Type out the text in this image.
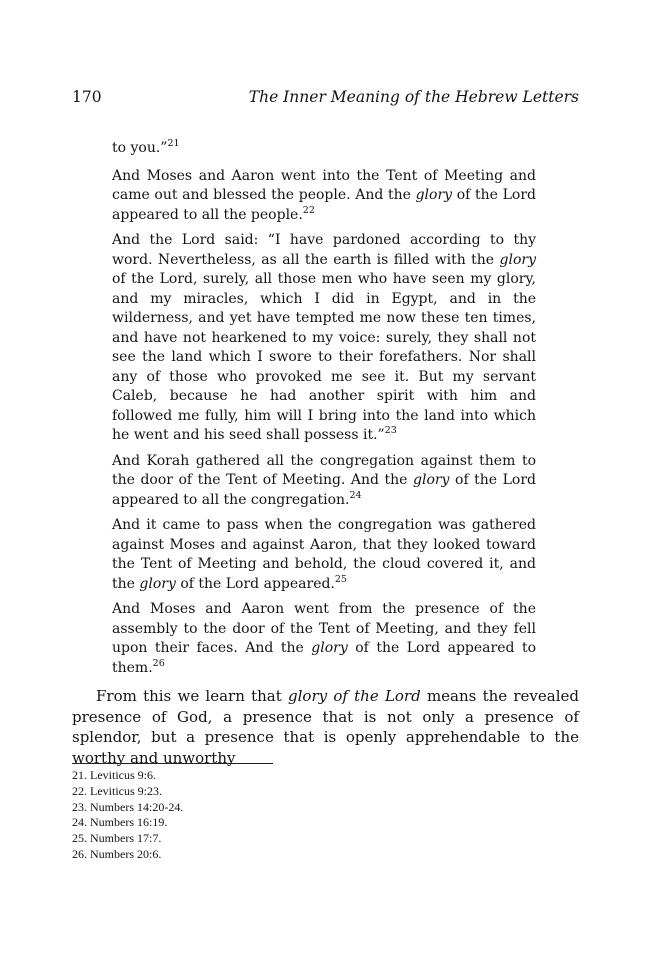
170	The Inner Meaning of the Hebrew Letters

to you.”$^{21}$

And Moses and Aaron went into the Tent of Meeting and came out and blessed the people. And the glory of the Lord appeared to all the people.$^{22}$

And the Lord said: “I have pardoned according to thy word. Nevertheless, as all the earth is filled with the glory of the Lord, surely, all those men who have seen my glory, and my miracles, which I did in Egypt, and in the wilderness, and yet have tempted me now these ten times, and have not hearkened to my voice: surely, they shall not see the land which I swore to their forefathers. Nor shall any of those who provoked me see it. But my servant Caleb, because he had another spirit with him and followed me fully, him will I bring into the land into which he went and his seed shall possess it.”$^{23}$

And Korah gathered all the congregation against them to the door of the Tent of Meeting. And the glory of the Lord appeared to all the congregation.$^{24}$

And it came to pass when the congregation was gathered against Moses and against Aaron, that they looked toward the Tent of Meeting and behold, the cloud covered it, and the glory of the Lord appeared.$^{25}$

And Moses and Aaron went from the presence of the assembly to the door of the Tent of Meeting, and they fell upon their faces. And the glory of the Lord appeared to them.$^{26}$

From this we learn that glory of the Lord means the revealed presence of God, a presence that is not only a presence of splendor, but a presence that is openly apprehendable to the worthy and unworthy

21. Leviticus 9:6.
22. Leviticus 9:23.
23. Numbers 14:20-24.
24. Numbers 16:19.
25. Numbers 17:7.
26. Numbers 20:6.
